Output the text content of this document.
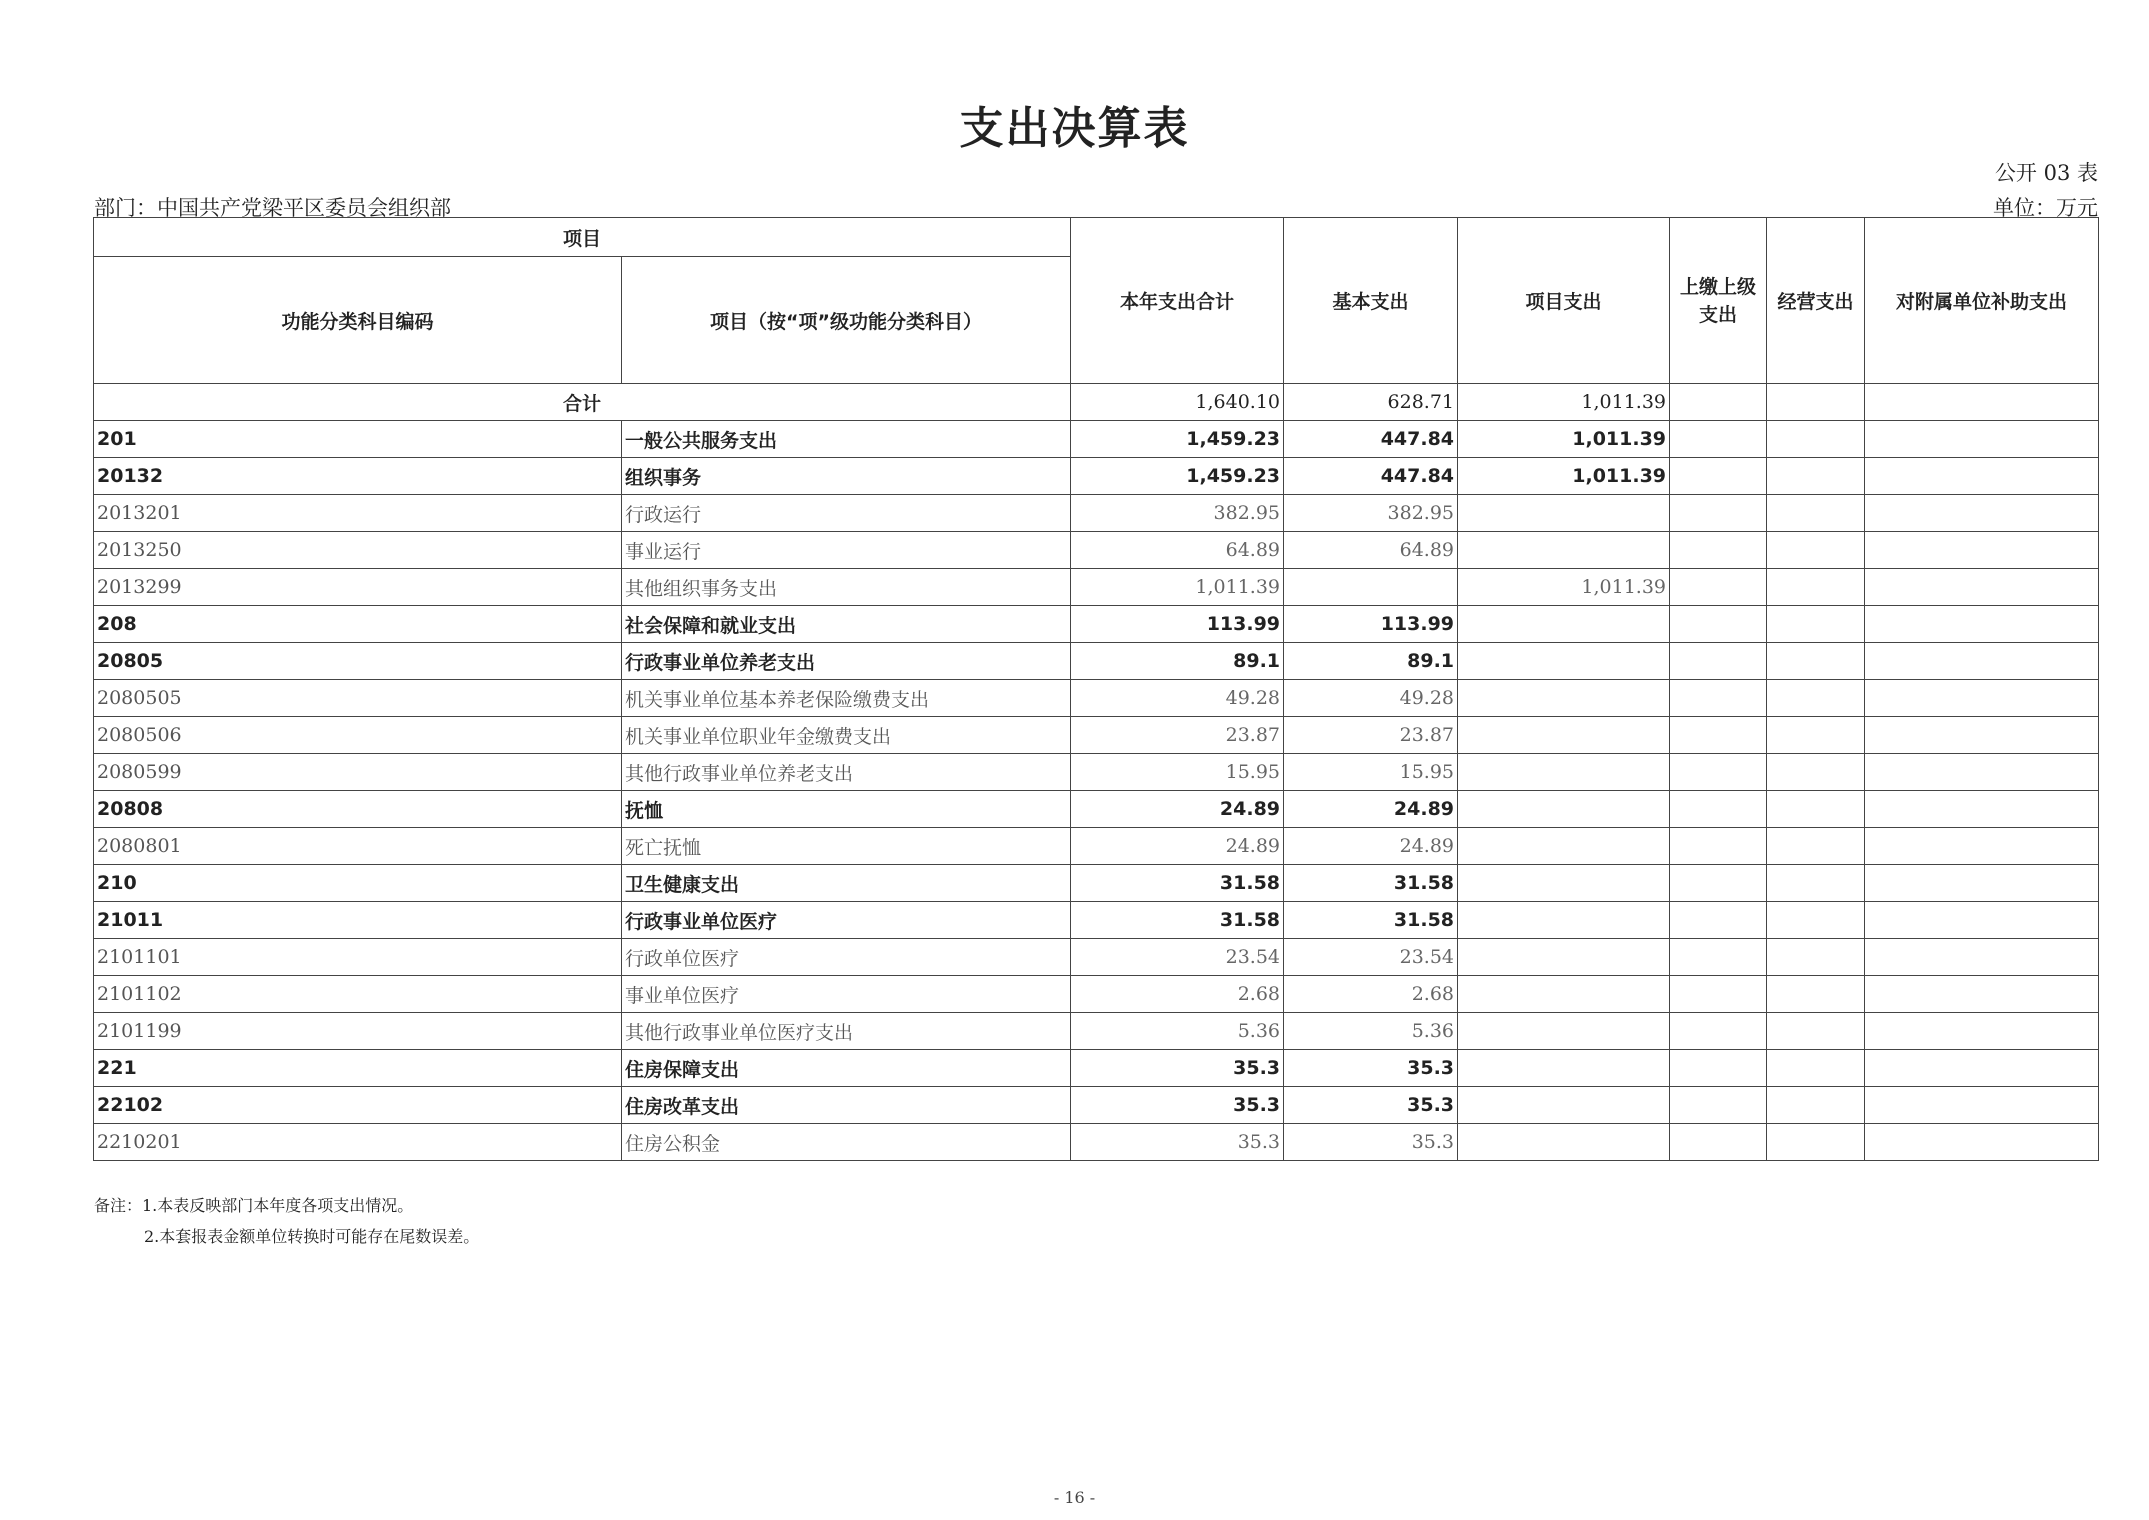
支出决算表
公开 03 表
部门：中国共产党梁平区委员会组织部	单位：万元
项目		本年支出合计	基本支出	项目支出	上缴上级支出	经营支出	对附属单位补助支出
功能分类科目编码	项目（按“项”级功能分类科目）						
合计		1,640.10	628.71	1,011.39			
201	一般公共服务支出	1,459.23	447.84	1,011.39			
20132	组织事务	1,459.23	447.84	1,011.39			
2013201	行政运行	382.95	382.95				
2013250	事业运行	64.89	64.89				
2013299	其他组织事务支出	1,011.39		1,011.39			
208	社会保障和就业支出	113.99	113.99				
20805	行政事业单位养老支出	89.1	89.1				
2080505	机关事业单位基本养老保险缴费支出	49.28	49.28				
2080506	机关事业单位职业年金缴费支出	23.87	23.87				
2080599	其他行政事业单位养老支出	15.95	15.95				
20808	抚恤	24.89	24.89				
2080801	死亡抚恤	24.89	24.89				
210	卫生健康支出	31.58	31.58				
21011	行政事业单位医疗	31.58	31.58				
2101101	行政单位医疗	23.54	23.54				
2101102	事业单位医疗	2.68	2.68				
2101199	其他行政事业单位医疗支出	5.36	5.36				
221	住房保障支出	35.3	35.3				
22102	住房改革支出	35.3	35.3				
2210201	住房公积金	35.3	35.3				
备注：1.本表反映部门本年度各项支出情况。
2.本套报表金额单位转换时可能存在尾数误差。
- 16 -
